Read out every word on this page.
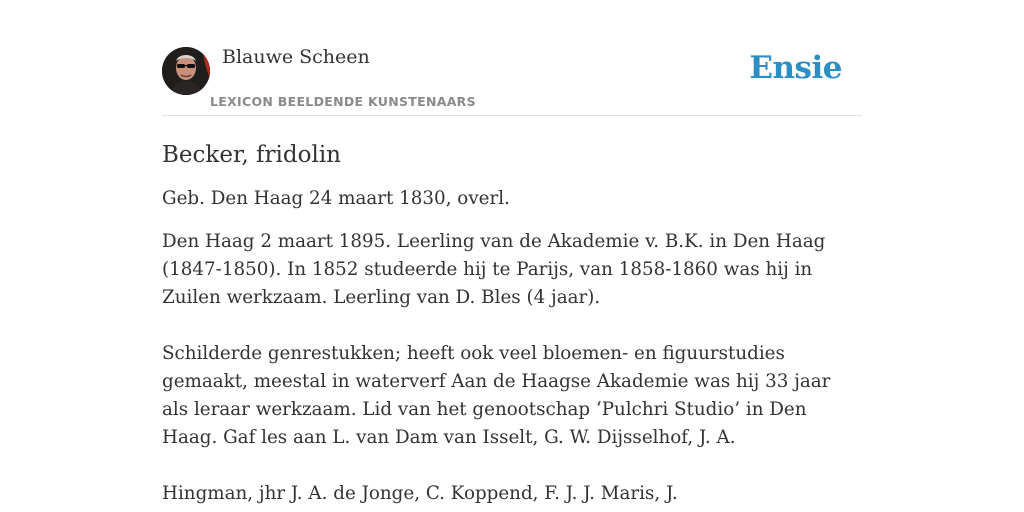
Blauwe Scheen
LEXICON BEELDENDE KUNSTENAARS
Ensie
Becker, fridolin

Geb. Den Haag 24 maart 1830, overl.

Den Haag 2 maart 1895. Leerling van de Akademie v. B.K. in Den Haag (1847-1850). In 1852 studeerde hij te Parijs, van 1858-1860 was hij in Zuilen werkzaam. Leerling van D. Bles (4 jaar).

Schilderde genrestukken; heeft ook veel bloemen- en figuurstudies gemaakt, meestal in waterverf Aan de Haagse Akademie was hij 33 jaar als leraar werkzaam. Lid van het genootschap ‘Pulchri Studio’ in Den Haag. Gaf les aan L. van Dam van Isselt, G. W. Dijsselhof, J. A.

Hingman, jhr J. A. de Jonge, C. Koppend, F. J. J. Maris, J.
